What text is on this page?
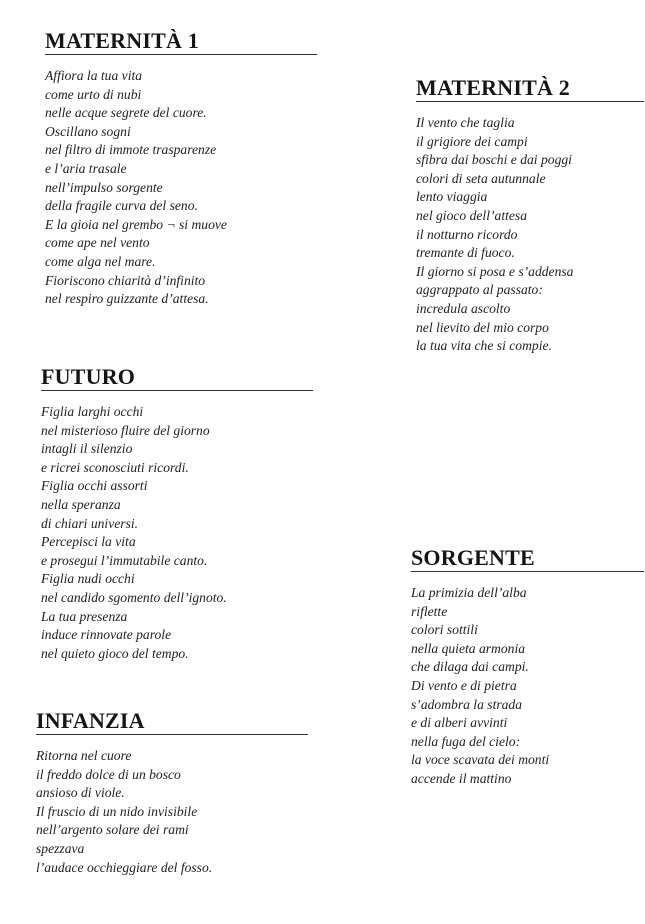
MATERNITÀ 1
Affiora la tua vita
come urto di nubi
nelle acque segrete del cuore.
Oscillano sogni
nel filtro di immote trasparenze
e l’aria trasale
nell’impulso sorgente
della fragile curva del seno.
E la gioia nel grembo ¬ si muove
come ape nel vento
come alga nel mare.
Fioriscono chiarità d’infinito
nel respiro guizzante d’attesa.
MATERNITÀ 2
Il vento che taglia
il grigiore dei campi
sfibra dai boschi e dai poggi
colori di seta autunnale
lento viaggia
nel gioco dell’attesa
il notturno ricordo
tremante di fuoco.
Il giorno si posa e s’addensa
aggrappato al passato:
incredula ascolto
nel lievito del mio corpo
la tua vita che si compie.
FUTURO
Figlia larghi occhi
nel misterioso fluire del giorno
intagli il silenzio
e ricrei sconosciuti ricordi.
Figlia occhi assorti
nella speranza
di chiari universi.
Percepisci la vita
e prosegui l’immutabile canto.
Figlia nudi occhi
nel candido sgomento dell’ignoto.
La tua presenza
induce rinnovate parole
nel quieto gioco del tempo.
SORGENTE
La primizia dell’alba
riflette
colori sottili
nella quieta armonia
che dilaga dai campi.
Di vento e di pietra
s’adombra la strada
e di alberi avvinti
nella fuga del cielo:
la voce scavata dei monti
accende il mattino
INFANZIA
Ritorna nel cuore
il freddo dolce di un bosco
ansioso di viole.
Il fruscio di un nido invisibile
nell’argento solare dei rami
spezzava
l’audace occhieggiare del fosso.
